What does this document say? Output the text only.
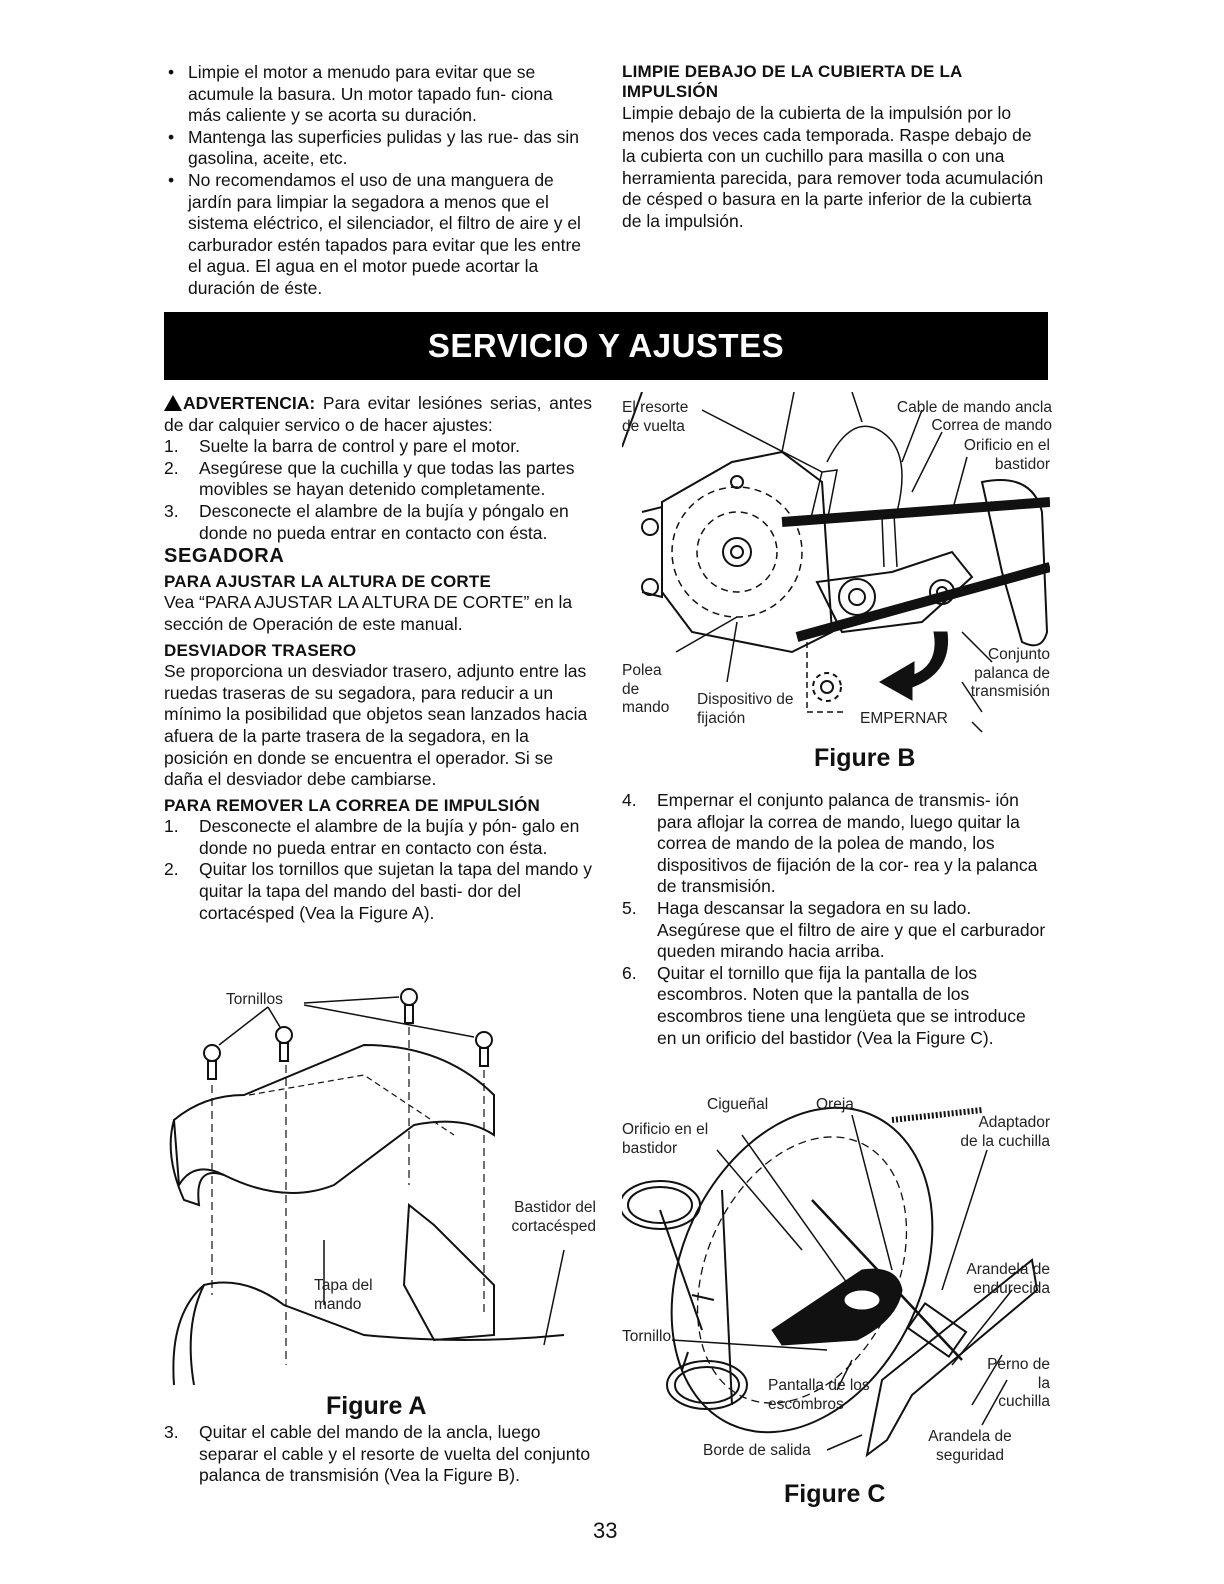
• Limpie el motor a menudo para evitar que se acumule la basura. Un motor tapado fun- ciona más caliente y se acorta su duración.
• Mantenga las superficies pulidas y las rue- das sin gasolina, aceite, etc.
• No recomendamos el uso de una manguera de jardín para limpiar la segadora a menos que el sistema eléctrico, el silenciador, el filtro de aire y el carburador estén tapados para evitar que les entre el agua. El agua en el motor puede acortar la duración de éste.
LIMPIE DEBAJO DE LA CUBIERTA DE LA IMPULSIÓN
Limpie debajo de la cubierta de la impulsión por lo menos dos veces cada temporada. Raspe debajo de la cubierta con un cuchillo para masilla o con una herramienta parecida, para remover toda acumulación de césped o basura en la parte inferior de la cubierta de la impulsión.
SERVICIO Y AJUSTES
ADVERTENCIA: Para evitar lesiónes serias, antes de dar calquier servico o de hacer ajustes:
1. Suelte la barra de control y pare el motor.
2. Asegúrese que la cuchilla y que todas las partes movibles se hayan detenido completamente.
3. Desconecte el alambre de la bujía y póngalo en donde no pueda entrar en contacto con ésta.
SEGADORA
PARA AJUSTAR LA ALTURA DE CORTE
Vea “PARA AJUSTAR LA ALTURA DE CORTE” en la sección de Operación de este manual.
DESVIADOR TRASERO
Se proporciona un desviador trasero, adjunto entre las ruedas traseras de su segadora, para reducir a un mínimo la posibilidad que objetos sean lanzados hacia afuera de la parte trasera de la segadora, en la posición en donde se encuentra el operador. Si se daña el desviador debe cambiarse.
PARA REMOVER LA CORREA DE IMPULSIÓN
1. Desconecte el alambre de la bujía y pón- galo en donde no pueda entrar en contacto con ésta.
2. Quitar los tornillos que sujetan la tapa del mando y quitar la tapa del mando del basti- dor del cortacésped (Vea la Figure A).
Tornillos
Bastidor del cortacésped
Tapa del mando
Figure A
3. Quitar el cable del mando de la ancla, luego separar el cable y el resorte de vuelta del conjunto palanca de transmisión (Vea la Figure B).
33
El resorte de vuelta
Cable de mando ancla
Correa de mando
Orificio en el bastidor
Conjunto palanca de transmisión
Polea de mando	Dispositivo de fijación	EMPERNAR
Figure B
4. Empernar el conjunto palanca de transmis- ión para aflojar la correa de mando, luego quitar la correa de mando de la polea de mando, los dispositivos de fijación de la cor- rea y la palanca de transmisión.
5. Haga descansar la segadora en su lado. Asegúrese que el filtro de aire y que el carburador queden mirando hacia arriba.
6. Quitar el tornillo que fija la pantalla de los escombros. Noten que la pantalla de los escombros tiene una lengüeta que se introduce en un orificio del bastidor (Vea la Figure C).
Cigueñal	Oreja
Orificio en el bastidor
Adaptador de la cuchilla
Arandela de endurecida
Tornillo
Perno de la cuchilla
Pantalla de los escombros
Arandela de seguridad
Borde de salida
Figure C
